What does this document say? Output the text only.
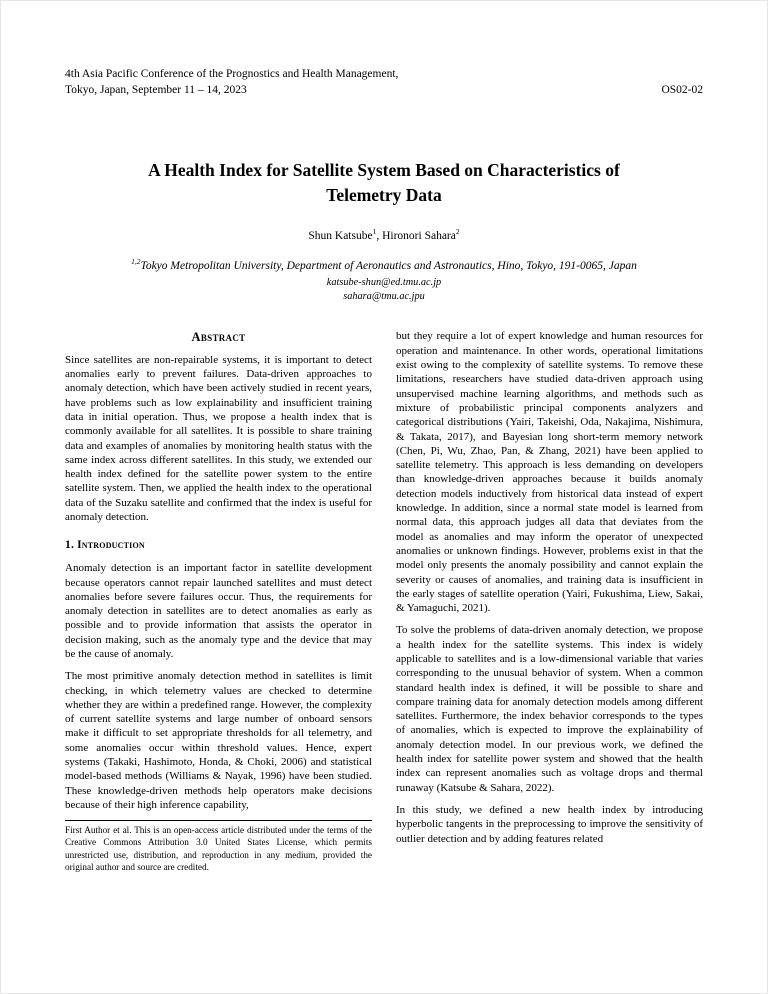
4th Asia Pacific Conference of the Prognostics and Health Management,
Tokyo, Japan, September 11 – 14, 2023	OS02-02
A Health Index for Satellite System Based on Characteristics of
Telemetry Data
Shun Katsube$^1$, Hironori Sahara$^2$
$^{1,2}$Tokyo Metropolitan University, Department of Aeronautics and Astronautics, Hino, Tokyo, 191-0065, Japan
katsube-shun@ed.tmu.ac.jp
sahara@tmu.ac.jpu
Abstract

Since satellites are non-repairable systems, it is important to detect anomalies early to prevent failures. Data-driven approaches to anomaly detection, which have been actively studied in recent years, have problems such as low explainability and insufficient training data in initial operation. Thus, we propose a health index that is commonly available for all satellites. It is possible to share training data and examples of anomalies by monitoring health status with the same index across different satellites. In this study, we extended our health index defined for the satellite power system to the entire satellite system. Then, we applied the health index to the operational data of the Suzaku satellite and confirmed that the index is useful for anomaly detection.

1. Introduction

Anomaly detection is an important factor in satellite development because operators cannot repair launched satellites and must detect anomalies before severe failures occur. Thus, the requirements for anomaly detection in satellites are to detect anomalies as early as possible and to provide information that assists the operator in decision making, such as the anomaly type and the device that may be the cause of anomaly.

The most primitive anomaly detection method in satellites is limit checking, in which telemetry values are checked to determine whether they are within a predefined range. However, the complexity of current satellite systems and large number of onboard sensors make it difficult to set appropriate thresholds for all telemetry, and some anomalies occur within threshold values. Hence, expert systems (Takaki, Hashimoto, Honda, & Choki, 2006) and statistical model-based methods (Williams & Nayak, 1996) have been studied. These knowledge-driven methods help operators make decisions because of their high inference capability,

First Author et al. This is an open-access article distributed under the terms of the Creative Commons Attribution 3.0 United States License, which permits unrestricted use, distribution, and reproduction in any medium, provided the original author and source are credited.

but they require a lot of expert knowledge and human resources for operation and maintenance. In other words, operational limitations exist owing to the complexity of satellite systems. To remove these limitations, researchers have studied data-driven approach using unsupervised machine learning algorithms, and methods such as mixture of probabilistic principal components analyzers and categorical distributions (Yairi, Takeishi, Oda, Nakajima, Nishimura, & Takata, 2017), and Bayesian long short-term memory network (Chen, Pi, Wu, Zhao, Pan, & Zhang, 2021) have been applied to satellite telemetry. This approach is less demanding on developers than knowledge-driven approaches because it builds anomaly detection models inductively from historical data instead of expert knowledge. In addition, since a normal state model is learned from normal data, this approach judges all data that deviates from the model as anomalies and may inform the operator of unexpected anomalies or unknown findings. However, problems exist in that the model only presents the anomaly possibility and cannot explain the severity or causes of anomalies, and training data is insufficient in the early stages of satellite operation (Yairi, Fukushima, Liew, Sakai, & Yamaguchi, 2021).

To solve the problems of data-driven anomaly detection, we propose a health index for the satellite systems. This index is widely applicable to satellites and is a low-dimensional variable that varies corresponding to the unusual behavior of system. When a common standard health index is defined, it will be possible to share and compare training data for anomaly detection models among different satellites. Furthermore, the index behavior corresponds to the types of anomalies, which is expected to improve the explainability of anomaly detection model. In our previous work, we defined the health index for satellite power system and showed that the health index can represent anomalies such as voltage drops and thermal runaway (Katsube & Sahara, 2022).

In this study, we defined a new health index by introducing hyperbolic tangents in the preprocessing to improve the sensitivity of outlier detection and by adding features related
